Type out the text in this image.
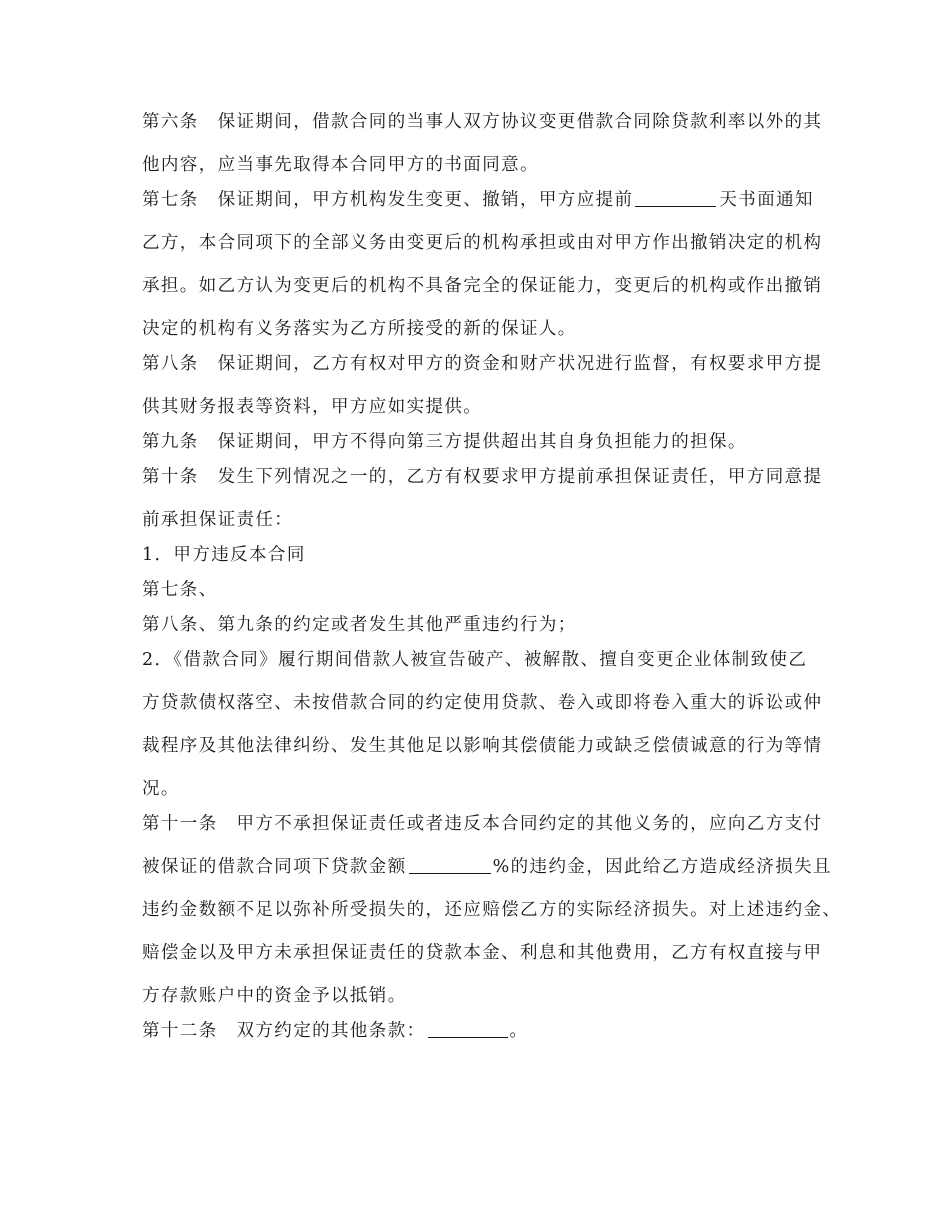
第六条　保证期间，借款合同的当事人双方协议变更借款合同除贷款利率以外的其
他内容，应当事先取得本合同甲方的书面同意。
第七条　保证期间，甲方机构发生变更、撤销，甲方应提前	天书面通知
乙方，本合同项下的全部义务由变更后的机构承担或由对甲方作出撤销决定的机构
承担。如乙方认为变更后的机构不具备完全的保证能力，变更后的机构或作出撤销
决定的机构有义务落实为乙方所接受的新的保证人。
第八条　保证期间，乙方有权对甲方的资金和财产状况进行监督，有权要求甲方提
供其财务报表等资料，甲方应如实提供。
第九条　保证期间，甲方不得向第三方提供超出其自身负担能力的担保。
第十条　发生下列情况之一的，乙方有权要求甲方提前承担保证责任，甲方同意提
前承担保证责任：
1．甲方违反本合同
第七条、
第八条、第九条的约定或者发生其他严重违约行为；
2．《借款合同》履行期间借款人被宣告破产、被解散、擅自变更企业体制致使乙
方贷款债权落空、未按借款合同的约定使用贷款、卷入或即将卷入重大的诉讼或仲
裁程序及其他法律纠纷、发生其他足以影响其偿债能力或缺乏偿债诚意的行为等情
况。
第十一条　甲方不承担保证责任或者违反本合同约定的其他义务的，应向乙方支付
被保证的借款合同项下贷款金额	%的违约金，因此给乙方造成经济损失且
违约金数额不足以弥补所受损失的，还应赔偿乙方的实际经济损失。对上述违约金、
赔偿金以及甲方未承担保证责任的贷款本金、利息和其他费用，乙方有权直接与甲
方存款账户中的资金予以抵销。
第十二条　双方约定的其他条款：	。
